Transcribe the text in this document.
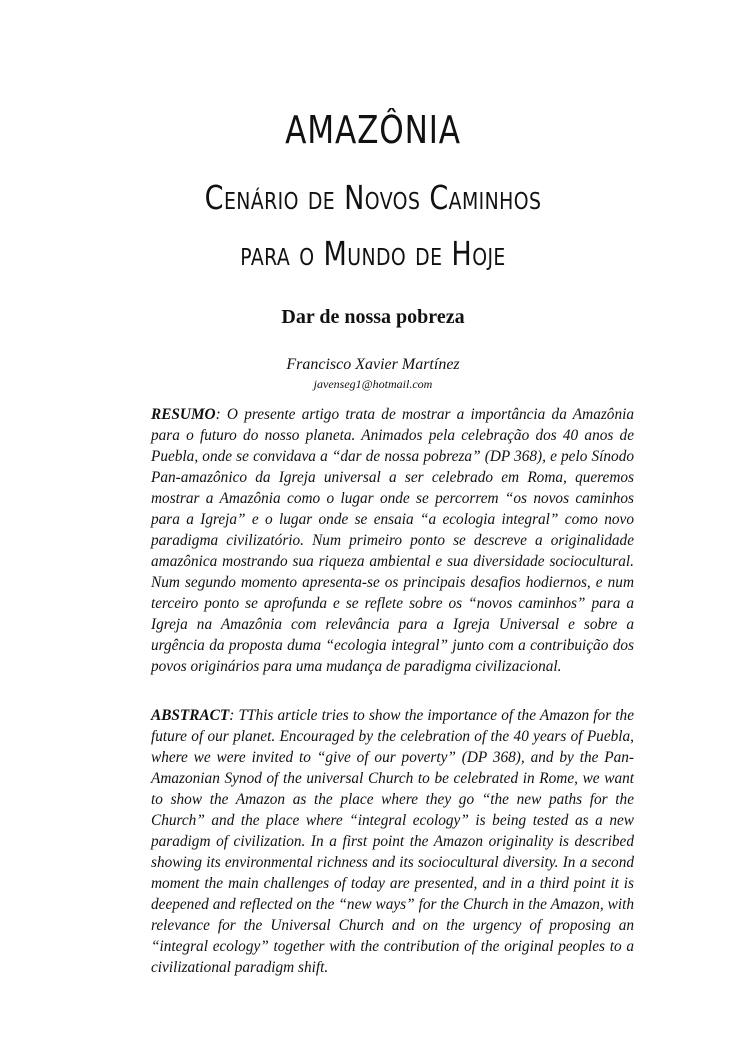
AMAZÔNIA
Cenário de Novos Caminhos
para o Mundo de Hoje
Dar de nossa pobreza
Francisco Xavier Martínez
javenseg1@hotmail.com
RESUMO: O presente artigo trata de mostrar a importância da Amazônia para o futuro do nosso planeta. Animados pela celebração dos 40 anos de Puebla, onde se convidava a “dar de nossa pobreza” (DP 368), e pelo Sínodo Pan-amazônico da Igreja universal a ser celebrado em Roma, queremos mostrar a Amazônia como o lugar onde se percorrem “os novos caminhos para a Igreja” e o lugar onde se ensaia “a ecologia integral” como novo paradigma civilizatório. Num primeiro ponto se descreve a originalidade amazônica mostrando sua riqueza ambiental e sua diversidade sociocultural. Num segundo momento apresenta-se os principais desafios hodiernos, e num terceiro ponto se aprofunda e se reflete sobre os “novos caminhos” para a Igreja na Amazônia com relevância para a Igreja Universal e sobre a urgência da proposta duma “ecologia integral” junto com a contribuição dos povos originários para uma mudança de paradigma civilizacional.
ABSTRACT: TThis article tries to show the importance of the Amazon for the future of our planet. Encouraged by the celebration of the 40 years of Puebla, where we were invited to “give of our poverty” (DP 368), and by the Pan-Amazonian Synod of the universal Church to be celebrated in Rome, we want to show the Amazon as the place where they go “the new paths for the Church” and the place where “integral ecology” is being tested as a new paradigm of civilization. In a first point the Amazon originality is described showing its environmental richness and its sociocultural diversity. In a second moment the main challenges of today are presented, and in a third point it is deepened and reflected on the “new ways” for the Church in the Amazon, with relevance for the Universal Church and on the urgency of proposing an “integral ecology” together with the contribution of the original peoples to a civilizational paradigm shift.
